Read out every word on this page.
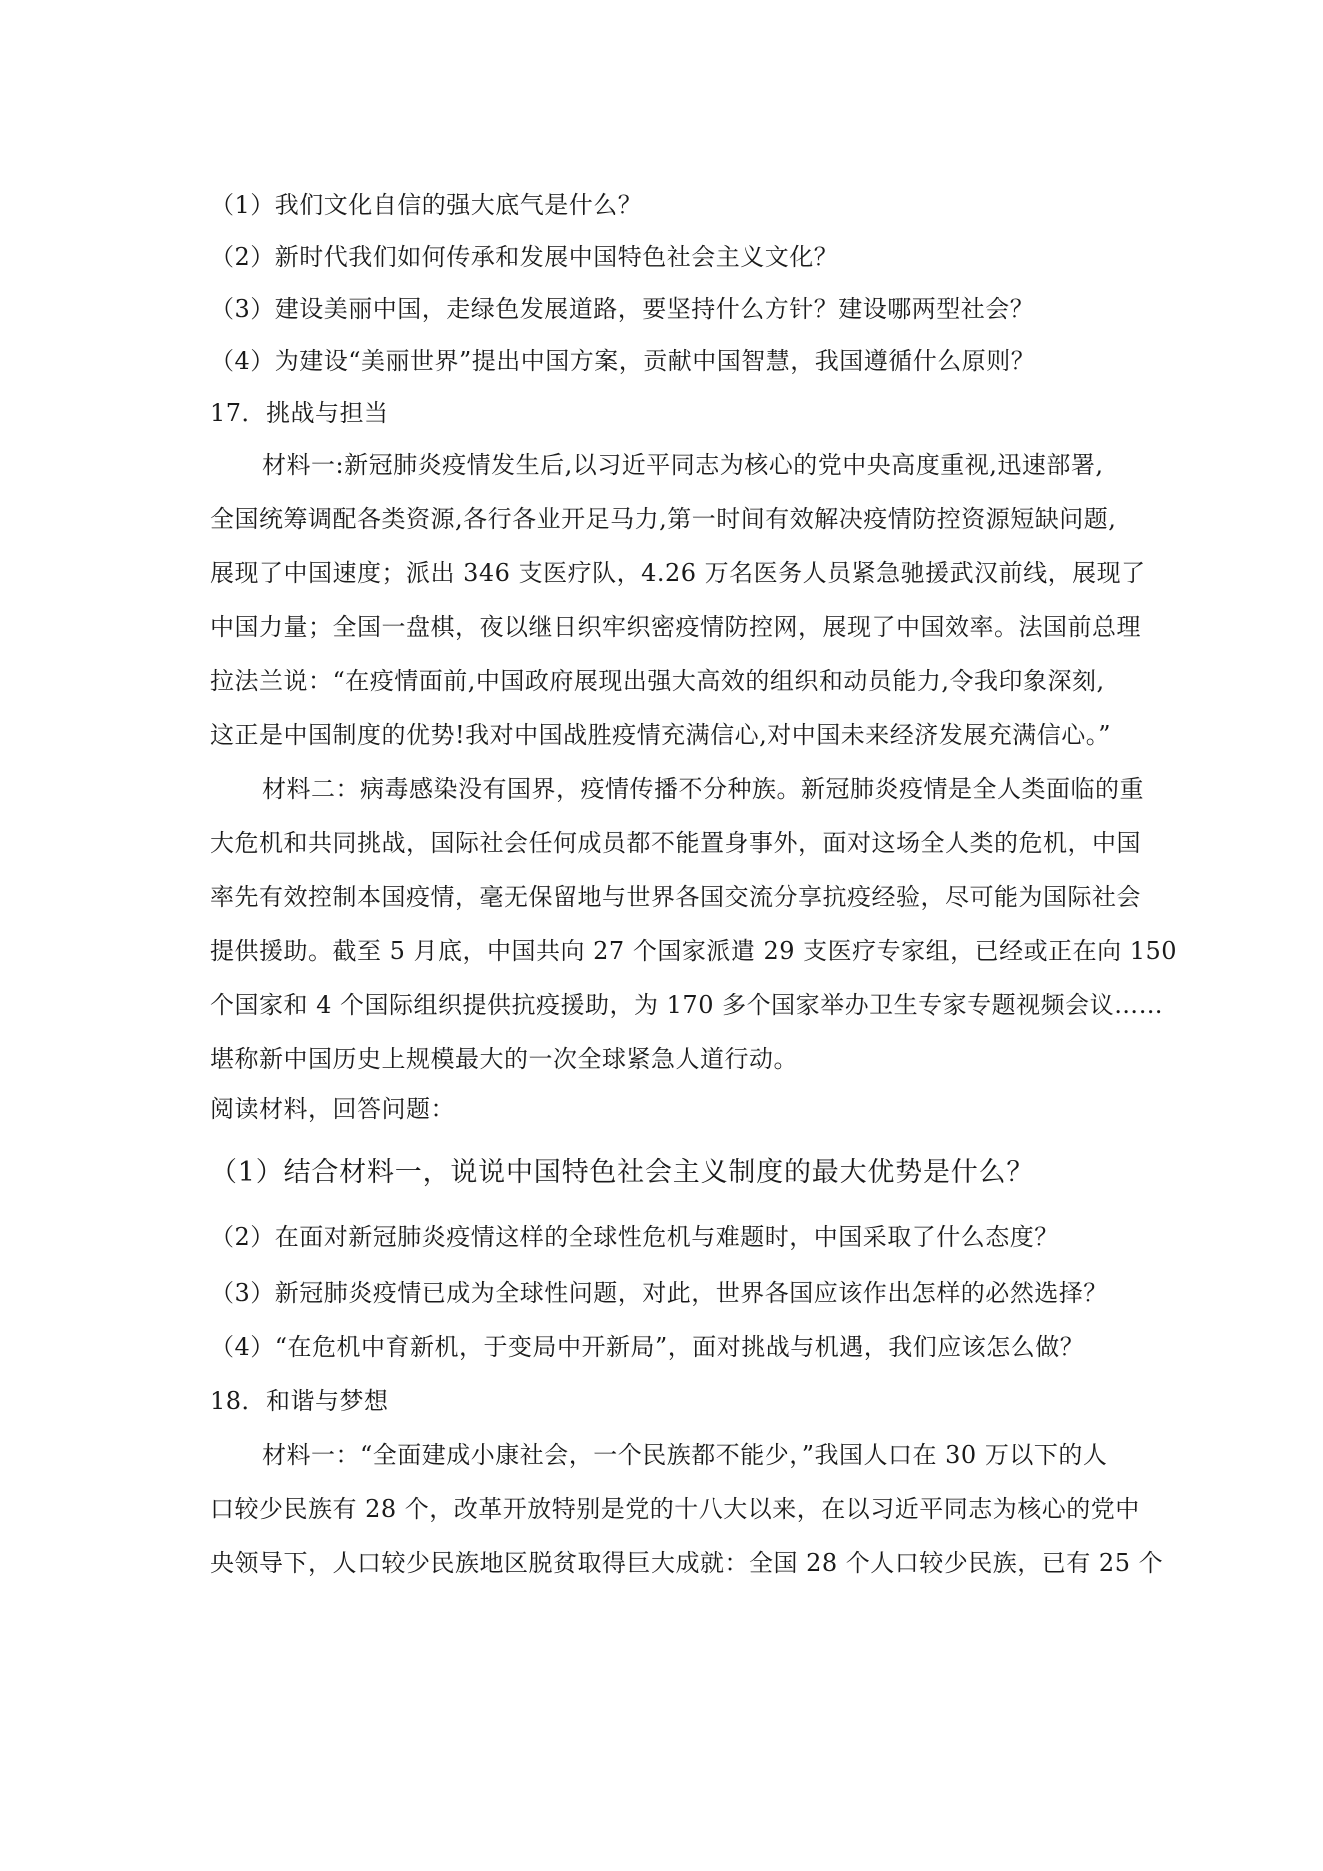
（1）我们文化自信的强大底气是什么？
（2）新时代我们如何传承和发展中国特色社会主义文化？
（3）建设美丽中国，走绿色发展道路，要坚持什么方针？建设哪两型社会？
（4）为建设“美丽世界”提出中国方案，贡献中国智慧，我国遵循什么原则？
17．挑战与担当
材料一:新冠肺炎疫情发生后,以习近平同志为核心的党中央高度重视,迅速部署,
全国统筹调配各类资源,各行各业开足马力,第一时间有效解决疫情防控资源短缺问题,
展现了中国速度；派出 346 支医疗队，4.26 万名医务人员紧急驰援武汉前线，展现了
中国力量；全国一盘棋，夜以继日织牢织密疫情防控网，展现了中国效率。法国前总理
拉法兰说：“在疫情面前,中国政府展现出强大高效的组织和动员能力,令我印象深刻,
这正是中国制度的优势!我对中国战胜疫情充满信心,对中国未来经济发展充满信心。”
材料二：病毒感染没有国界，疫情传播不分种族。新冠肺炎疫情是全人类面临的重
大危机和共同挑战，国际社会任何成员都不能置身事外，面对这场全人类的危机，中国
率先有效控制本国疫情，毫无保留地与世界各国交流分享抗疫经验，尽可能为国际社会
提供援助。截至 5 月底，中国共向 27 个国家派遣 29 支医疗专家组，已经或正在向 150
个国家和 4 个国际组织提供抗疫援助，为 170 多个国家举办卫生专家专题视频会议……
堪称新中国历史上规模最大的一次全球紧急人道行动。
阅读材料，回答问题：
（1）结合材料一，说说中国特色社会主义制度的最大优势是什么？
（2）在面对新冠肺炎疫情这样的全球性危机与难题时，中国采取了什么态度？
（3）新冠肺炎疫情已成为全球性问题，对此，世界各国应该作出怎样的必然选择？
（4）“在危机中育新机，于变局中开新局”，面对挑战与机遇，我们应该怎么做？
18．和谐与梦想
材料一：“全面建成小康社会，一个民族都不能少，”我国人口在 30 万以下的人
口较少民族有 28 个，改革开放特别是党的十八大以来，在以习近平同志为核心的党中
央领导下，人口较少民族地区脱贫取得巨大成就：全国 28 个人口较少民族，已有 25 个
